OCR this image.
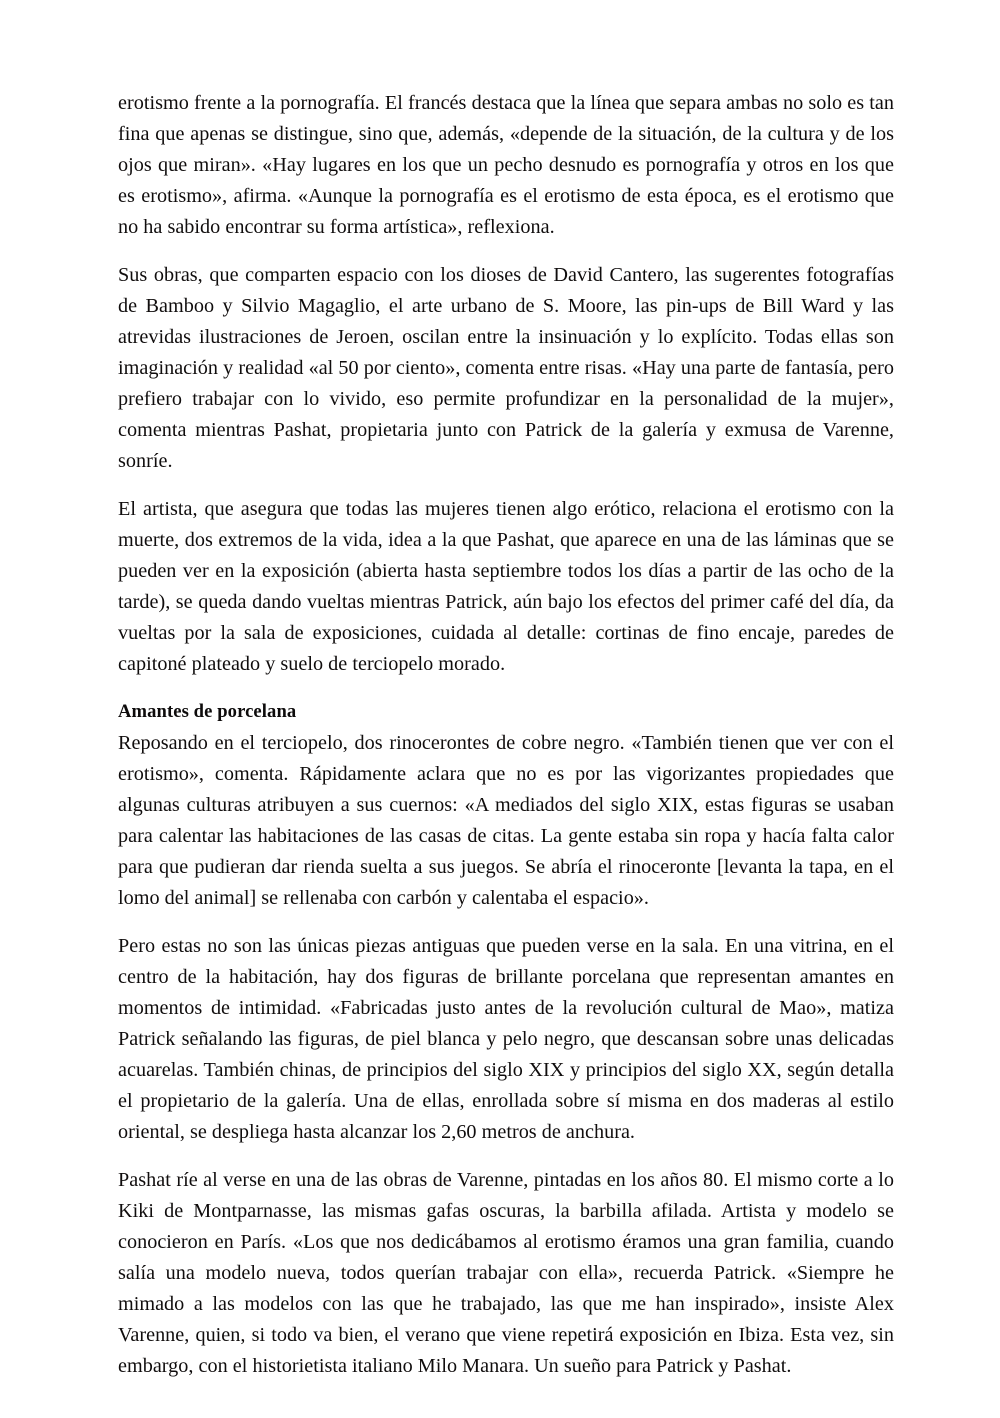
erotismo frente a la pornografía. El francés destaca que la línea que separa ambas no solo es tan fina que apenas se distingue, sino que, además, «depende de la situación, de la cultura y de los ojos que miran». «Hay lugares en los que un pecho desnudo es pornografía y otros en los que es erotismo», afirma. «Aunque la pornografía es el erotismo de esta época, es el erotismo que no ha sabido encontrar su forma artística», reflexiona.

Sus obras, que comparten espacio con los dioses de David Cantero, las sugerentes fotografías de Bamboo y Silvio Magaglio, el arte urbano de S. Moore, las pin-ups de Bill Ward y las atrevidas ilustraciones de Jeroen, oscilan entre la insinuación y lo explícito. Todas ellas son imaginación y realidad «al 50 por ciento», comenta entre risas. «Hay una parte de fantasía, pero prefiero trabajar con lo vivido, eso permite profundizar en la personalidad de la mujer», comenta mientras Pashat, propietaria junto con Patrick de la galería y exmusa de Varenne, sonríe.

El artista, que asegura que todas las mujeres tienen algo erótico, relaciona el erotismo con la muerte, dos extremos de la vida, idea a la que Pashat, que aparece en una de las láminas que se pueden ver en la exposición (abierta hasta septiembre todos los días a partir de las ocho de la tarde), se queda dando vueltas mientras Patrick, aún bajo los efectos del primer café del día, da vueltas por la sala de exposiciones, cuidada al detalle: cortinas de fino encaje, paredes de capitoné plateado y suelo de terciopelo morado.

Amantes de porcelana

Reposando en el terciopelo, dos rinocerontes de cobre negro. «También tienen que ver con el erotismo», comenta. Rápidamente aclara que no es por las vigorizantes propiedades que algunas culturas atribuyen a sus cuernos: «A mediados del siglo XIX, estas figuras se usaban para calentar las habitaciones de las casas de citas. La gente estaba sin ropa y hacía falta calor para que pudieran dar rienda suelta a sus juegos. Se abría el rinoceronte [levanta la tapa, en el lomo del animal] se rellenaba con carbón y calentaba el espacio».

Pero estas no son las únicas piezas antiguas que pueden verse en la sala. En una vitrina, en el centro de la habitación, hay dos figuras de brillante porcelana que representan amantes en momentos de intimidad. «Fabricadas justo antes de la revolución cultural de Mao», matiza Patrick señalando las figuras, de piel blanca y pelo negro, que descansan sobre unas delicadas acuarelas. También chinas, de principios del siglo XIX y principios del siglo XX, según detalla el propietario de la galería. Una de ellas, enrollada sobre sí misma en dos maderas al estilo oriental, se despliega hasta alcanzar los 2,60 metros de anchura.

Pashat ríe al verse en una de las obras de Varenne, pintadas en los años 80. El mismo corte a lo Kiki de Montparnasse, las mismas gafas oscuras, la barbilla afilada. Artista y modelo se conocieron en París. «Los que nos dedicábamos al erotismo éramos una gran familia, cuando salía una modelo nueva, todos querían trabajar con ella», recuerda Patrick. «Siempre he mimado a las modelos con las que he trabajado, las que me han inspirado», insiste Alex Varenne, quien, si todo va bien, el verano que viene repetirá exposición en Ibiza. Esta vez, sin embargo, con el historietista italiano Milo Manara. Un sueño para Patrick y Pashat.
